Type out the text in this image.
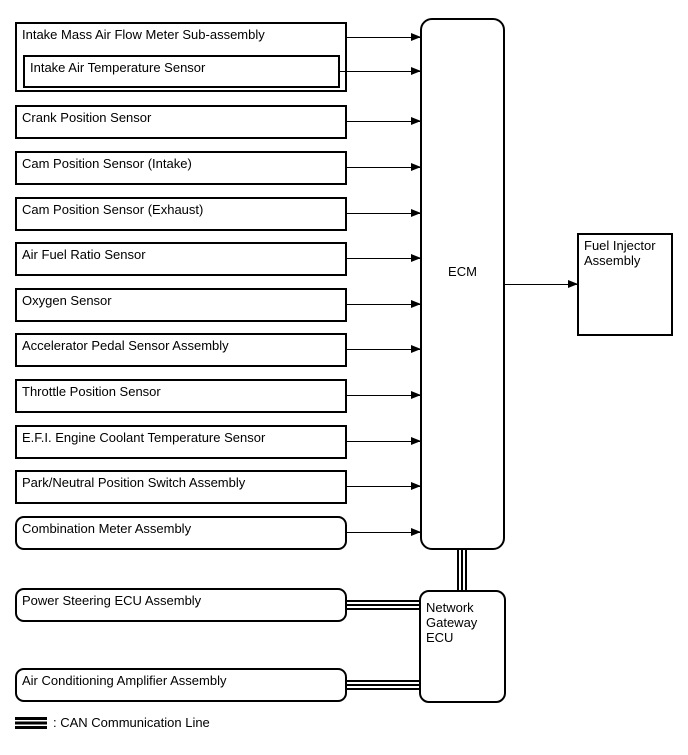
Intake Mass Air Flow Meter Sub-assembly
Intake Air Temperature Sensor
Crank Position Sensor
Cam Position Sensor (Intake)
Cam Position Sensor (Exhaust)
Air Fuel Ratio Sensor
Oxygen Sensor
Accelerator Pedal Sensor Assembly
Throttle Position Sensor
E.F.I. Engine Coolant Temperature Sensor
Park/Neutral Position Switch Assembly
Combination Meter Assembly
Power Steering ECU Assembly
Air Conditioning Amplifier Assembly
ECM
Fuel Injector Assembly
Network Gateway ECU
: CAN Communication Line
